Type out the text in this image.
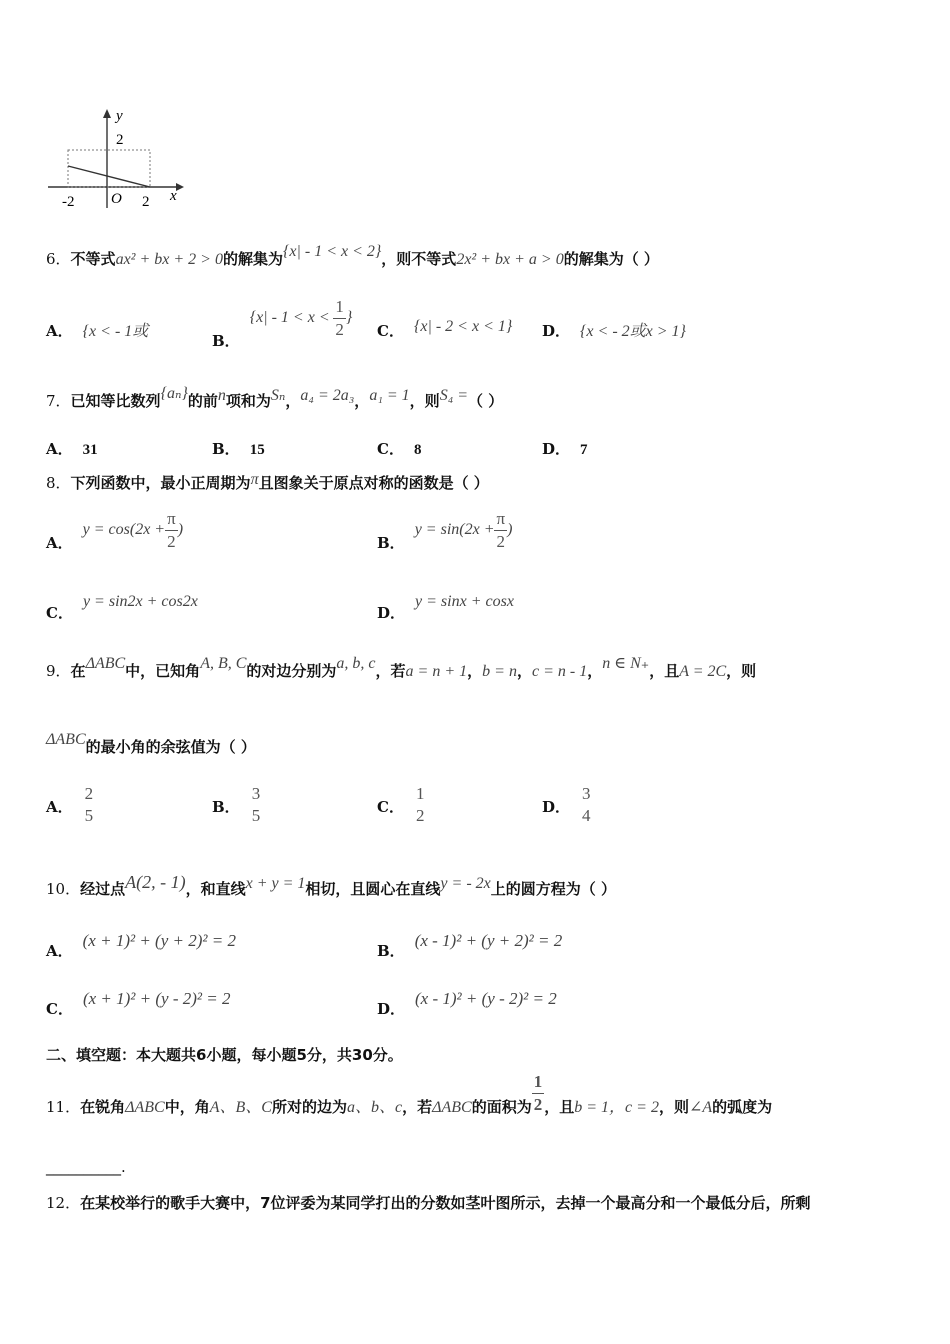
y
2
-2 O 2 x
6．不等式ax² + bx + 2 > 0的解集为{x| - 1 < x < 2}，则不等式2x² + bx + a > 0的解集为（ ）
A． {x < - 1或
B．{$x| - 1 < x < \frac{1}{2}$ }
C． {x| - 2 < x < 1} D． {x < - 2或x > 1}
7．已知等比数列{aₙ}的前n项和为Sₙ，a₄ = 2a₃，a₁ = 1，则S₄ =（ ）
A． 31	B． 15	C． 8	D． 7
8．下列函数中，最小正周期为π且图象关于原点对称的函数是（ ）
A．$y = \cos(2x + \frac{\pi}{2}$ )
B．$y = \sin(2x + \frac{\pi}{2}$ )
C．y = sin2x + cos2x
D．y = sinx + cosx
9．在ΔABC中，已知角A, B, C的对边分别为a, b, c，若a = n + 1，b = n，c = n - 1，n ∈ N₊，且A = 2C，则
ΔABC的最小角的余弦值为（ ）
A．
2
5	B．
3
5	C．
1
2	D．
3
4
10．经过点A(2, - 1)，和直线x + y = 1相切，且圆心在直线y = - 2x上的圆方程为（ ）
A．(x + 1)² + (y + 2)² = 2
B．(x - 1)² + (y + 2)² = 2
C．(x + 1)² + (y - 2)² = 2
D．(x - 1)² + (y - 2)² = 2
二、填空题：本大题共6小题，每小题5分，共30分。
11．在锐角ΔABC中，角A、B、C所对的边为a、b、c，若ΔABC的面积为 $\frac{1}{2}$ ，且b = 1，c = 2，则∠A的弧度为
__________.
12．在某校举行的歌手大赛中，7位评委为某同学打出的分数如茎叶图所示，去掉一个最高分和一个最低分后，所剩
